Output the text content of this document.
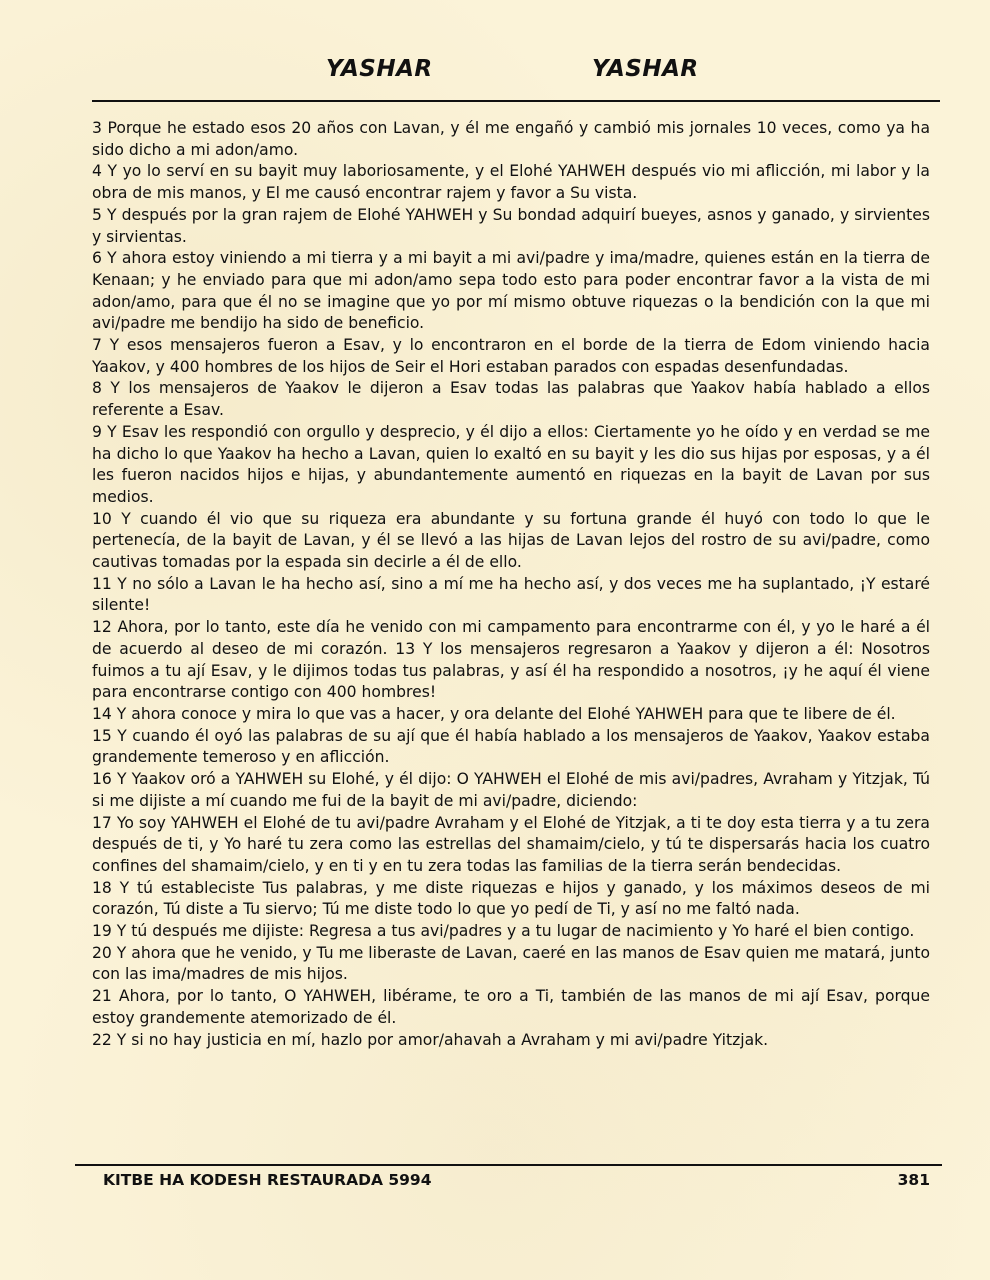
YASHAR	YASHAR

3 Porque he estado esos 20 años con Lavan, y él me engañó y cambió mis jornales 10 veces, como ya ha sido dicho a mi adon/amo.

4 Y yo lo serví en su bayit muy laboriosamente, y el Elohé YAHWEH después vio mi aflicción, mi labor y la obra de mis manos, y El me causó encontrar rajem y favor a Su vista.

5 Y después por la gran rajem de Elohé YAHWEH y Su bondad adquirí bueyes, asnos y ganado, y sirvientes y sirvientas.

6 Y ahora estoy viniendo a mi tierra y a mi bayit a mi avi/padre y ima/madre, quienes están en la tierra de Kenaan; y he enviado para que mi adon/amo sepa todo esto para poder encontrar favor a la vista de mi adon/amo, para que él no se imagine que yo por mí mismo obtuve riquezas o la bendición con la que mi avi/padre me bendijo ha sido de beneficio.

7 Y esos mensajeros fueron a Esav, y lo encontraron en el borde de la tierra de Edom viniendo hacia Yaakov, y 400 hombres de los hijos de Seir el Hori estaban parados con espadas desenfundadas.

8 Y los mensajeros de Yaakov le dijeron a Esav todas las palabras que Yaakov había hablado a ellos referente a Esav.

9 Y Esav les respondió con orgullo y desprecio, y él dijo a ellos: Ciertamente yo he oído y en verdad se me ha dicho lo que Yaakov ha hecho a Lavan, quien lo exaltó en su bayit y les dio sus hijas por esposas, y a él les fueron nacidos hijos e hijas, y abundantemente aumentó en riquezas en la bayit de Lavan por sus medios.

10 Y cuando él vio que su riqueza era abundante y su fortuna grande él huyó con todo lo que le pertenecía, de la bayit de Lavan, y él se llevó a las hijas de Lavan lejos del rostro de su avi/padre, como cautivas tomadas por la espada sin decirle a él de ello.

11 Y no sólo a Lavan le ha hecho así, sino a mí me ha hecho así, y dos veces me ha suplantado, ¡Y estaré silente!

12 Ahora, por lo tanto, este día he venido con mi campamento para encontrarme con él, y yo le haré a él de acuerdo al deseo de mi corazón. 13 Y los mensajeros regresaron a Yaakov y dijeron a él: Nosotros fuimos a tu ají Esav, y le dijimos todas tus palabras, y así él ha respondido a nosotros, ¡y he aquí él viene para encontrarse contigo con 400 hombres!

14 Y ahora conoce y mira lo que vas a hacer, y ora delante del Elohé YAHWEH para que te libere de él.

15 Y cuando él oyó las palabras de su ají que él había hablado a los mensajeros de Yaakov, Yaakov estaba grandemente temeroso y en aflicción.

16 Y Yaakov oró a YAHWEH su Elohé, y él dijo: O YAHWEH el Elohé de mis avi/padres, Avraham y Yitzjak, Tú si me dijiste a mí cuando me fui de la bayit de mi avi/padre, diciendo:

17 Yo soy YAHWEH el Elohé de tu avi/padre Avraham y el Elohé de Yitzjak, a ti te doy esta tierra y a tu zera después de ti, y Yo haré tu zera como las estrellas del shamaim/cielo, y tú te dispersarás hacia los cuatro confines del shamaim/cielo, y en ti y en tu zera todas las familias de la tierra serán bendecidas.

18 Y tú estableciste Tus palabras, y me diste riquezas e hijos y ganado, y los máximos deseos de mi corazón, Tú diste a Tu siervo; Tú me diste todo lo que yo pedí de Ti, y así no me faltó nada.

19 Y tú después me dijiste: Regresa a tus avi/padres y a tu lugar de nacimiento y Yo haré el bien contigo.

20 Y ahora que he venido, y Tu me liberaste de Lavan, caeré en las manos de Esav quien me matará, junto con las ima/madres de mis hijos.

21 Ahora, por lo tanto, O YAHWEH, libérame, te oro a Ti, también de las manos de mi ají Esav, porque estoy grandemente atemorizado de él.

22 Y si no hay justicia en mí, hazlo por amor/ahavah a Avraham y mi avi/padre Yitzjak.

KITBE HA KODESH RESTAURADA 5994	381
